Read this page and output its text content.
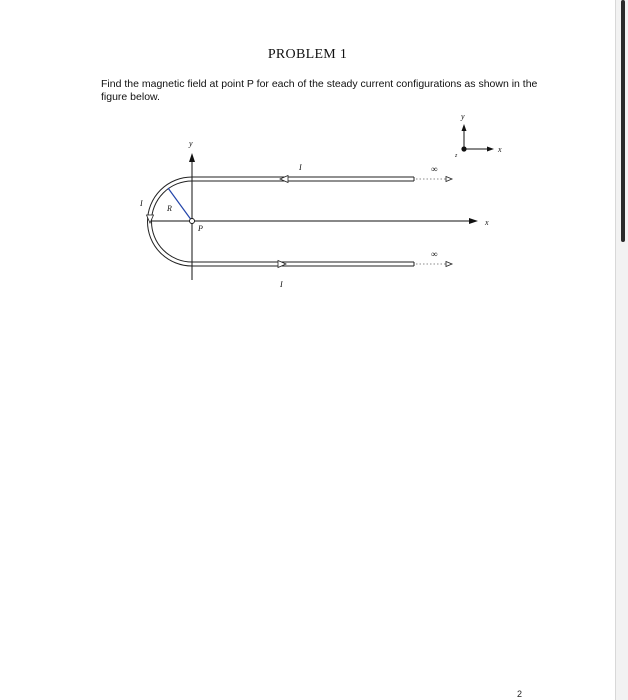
PROBLEM 1
Find the magnetic field at point P for each of the steady current configurations as shown in the figure below.
y
x
R
P
I
I
I
∞
∞
y
x
z
2
